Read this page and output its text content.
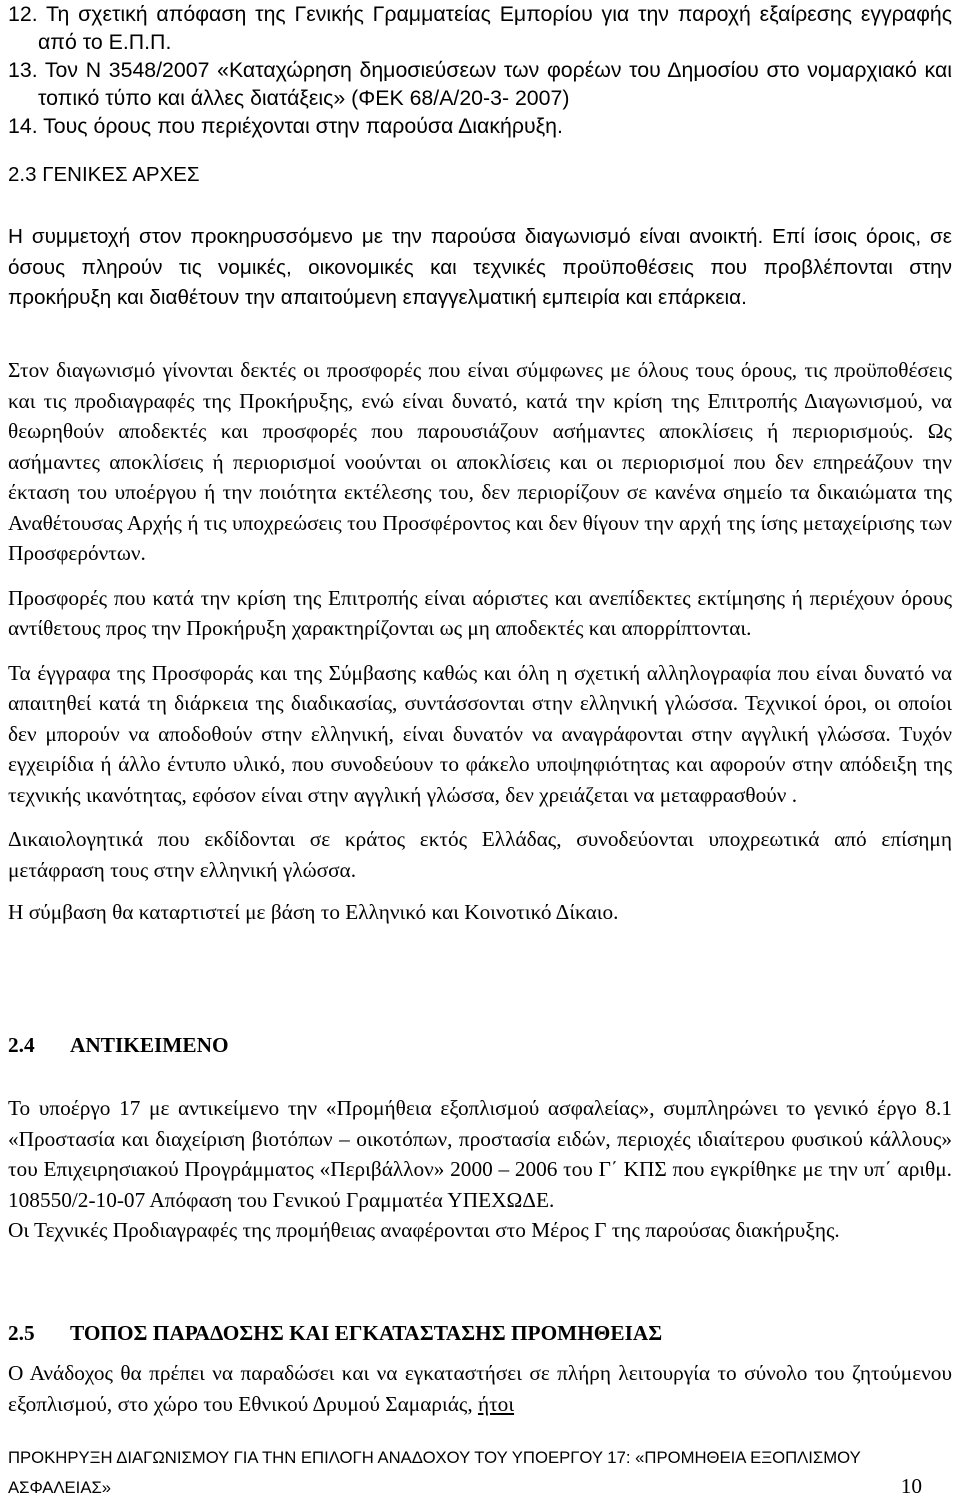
12. Τη σχετική απόφαση της Γενικής Γραμματείας Εμπορίου για την παροχή εξαίρεσης εγγραφής από το Ε.Π.Π.

13. Τον Ν 3548/2007 «Καταχώρηση δημοσιεύσεων των φορέων του Δημοσίου στο νομαρχιακό και τοπικό τύπο και άλλες διατάξεις» (ΦΕΚ 68/Α/20-3- 2007)

14. Τους όρους που περιέχονται στην παρούσα Διακήρυξη.

2.3 ΓΕΝΙΚΕΣ ΑΡΧΕΣ

Η συμμετοχή στον προκηρυσσόμενο με την παρούσα διαγωνισμό είναι ανοικτή. Επί ίσοις όροις, σε όσους πληρούν τις νομικές, οικονομικές και τεχνικές προϋποθέσεις που προβλέπονται στην προκήρυξη και διαθέτουν την απαιτούμενη επαγγελματική εμπειρία και επάρκεια.

Στον διαγωνισμό γίνονται δεκτές οι προσφορές που είναι σύμφωνες με όλους τους όρους, τις προϋποθέσεις και τις προδιαγραφές της Προκήρυξης, ενώ είναι δυνατό, κατά την κρίση της Επιτροπής Διαγωνισμού, να θεωρηθούν αποδεκτές και προσφορές που παρουσιάζουν ασήμαντες αποκλίσεις ή περιορισμούς. Ως ασήμαντες αποκλίσεις ή περιορισμοί νοούνται οι αποκλίσεις και οι περιορισμοί που δεν επηρεάζουν την έκταση του υποέργου ή την ποιότητα εκτέλεσης του, δεν περιορίζουν σε κανένα σημείο τα δικαιώματα της Αναθέτουσας Αρχής ή τις υποχρεώσεις του Προσφέροντος και δεν θίγουν την αρχή της ίσης μεταχείρισης των Προσφερόντων.

Προσφορές που κατά την κρίση της Επιτροπής είναι αόριστες και ανεπίδεκτες εκτίμησης ή περιέχουν όρους αντίθετους προς την Προκήρυξη χαρακτηρίζονται ως μη αποδεκτές και απορρίπτονται.

Τα έγγραφα της Προσφοράς και της Σύμβασης καθώς και όλη η σχετική αλληλογραφία που είναι δυνατό να απαιτηθεί κατά τη διάρκεια της διαδικασίας, συντάσσονται στην ελληνική γλώσσα. Τεχνικοί όροι, οι οποίοι δεν μπορούν να αποδοθούν στην ελληνική, είναι δυνατόν να αναγράφονται στην αγγλική γλώσσα. Τυχόν εγχειρίδια ή άλλο έντυπο υλικό, που συνοδεύουν το φάκελο υποψηφιότητας και αφορούν στην απόδειξη της τεχνικής ικανότητας, εφόσον είναι στην αγγλική γλώσσα, δεν χρειάζεται να μεταφρασθούν .

Δικαιολογητικά που εκδίδονται σε κράτος εκτός Ελλάδας, συνοδεύονται υποχρεωτικά από επίσημη μετάφραση τους στην ελληνική γλώσσα.

Η σύμβαση θα καταρτιστεί με βάση το Ελληνικό και Κοινοτικό Δίκαιο.

2.4 ΑΝΤΙΚΕΙΜΕΝΟ

Το υποέργο 17 με αντικείμενο την «Προμήθεια εξοπλισμού ασφαλείας», συμπληρώνει το γενικό έργο 8.1 «Προστασία και διαχείριση βιοτόπων – οικοτόπων, προστασία ειδών, περιοχές ιδιαίτερου φυσικού κάλλους» του Επιχειρησιακού Προγράμματος «Περιβάλλον» 2000 – 2006 του Γ΄ ΚΠΣ που εγκρίθηκε με την υπ΄ αριθμ. 108550/2-10-07 Απόφαση του Γενικού Γραμματέα ΥΠΕΧΩΔΕ.

Οι Τεχνικές Προδιαγραφές της προμήθειας αναφέρονται στο Μέρος Γ της παρούσας διακήρυξης.

2.5 ΤΟΠΟΣ ΠΑΡΑΔΟΣΗΣ ΚΑΙ ΕΓΚΑΤΑΣΤΑΣΗΣ ΠΡΟΜΗΘΕΙΑΣ

Ο Ανάδοχος θα πρέπει να παραδώσει και να εγκαταστήσει σε πλήρη λειτουργία το σύνολο του ζητούμενου εξοπλισμού, στο χώρο του Εθνικού Δρυμού Σαμαριάς, ήτοι

ΠΡΟΚΗΡΥΞΗ ΔΙΑΓΩΝΙΣΜΟΥ ΓΙΑ ΤΗΝ ΕΠΙΛΟΓΗ ΑΝΑΔΟΧΟΥ ΤΟΥ ΥΠΟΕΡΓΟΥ 17: «ΠΡΟΜΗΘΕΙΑ ΕΞΟΠΛΙΣΜΟΥ ΑΣΦΑΛΕΙΑΣ»	10
